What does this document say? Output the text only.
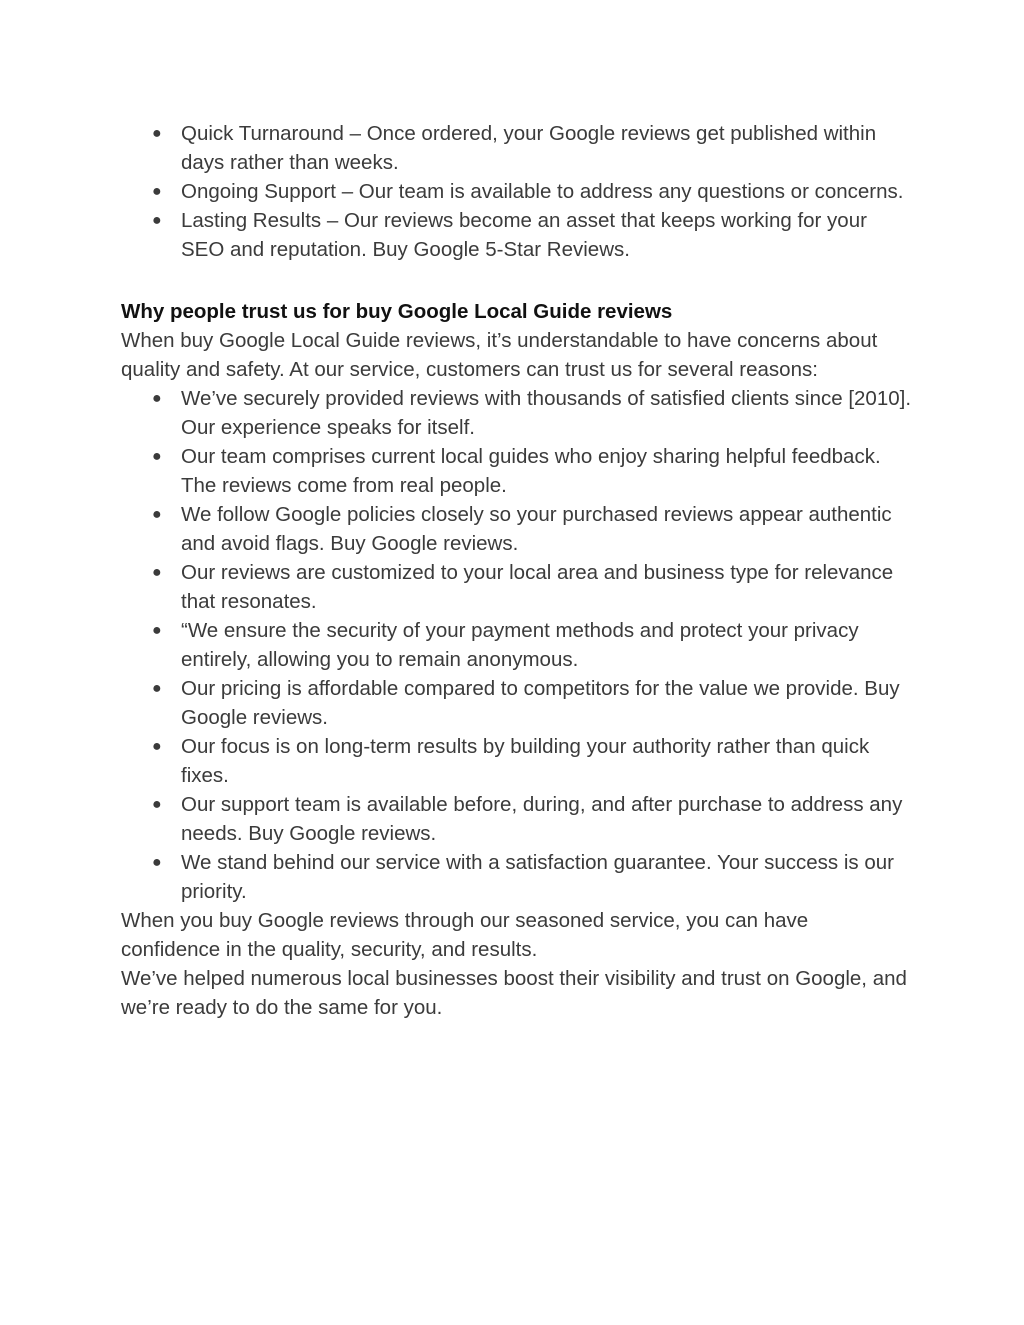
● Quick Turnaround – Once ordered, your Google reviews get published within days rather than weeks.
● Ongoing Support – Our team is available to address any questions or concerns.
● Lasting Results – Our reviews become an asset that keeps working for your SEO and reputation. Buy Google 5-Star Reviews.
Why people trust us for buy Google Local Guide reviews

When buy Google Local Guide reviews, it’s understandable to have concerns about quality and safety. At our service, customers can trust us for several reasons:

● We’ve securely provided reviews with thousands of satisfied clients since [2010]. Our experience speaks for itself.
● Our team comprises current local guides who enjoy sharing helpful feedback. The reviews come from real people.
● We follow Google policies closely so your purchased reviews appear authentic and avoid flags. Buy Google reviews.
● Our reviews are customized to your local area and business type for relevance that resonates.
● “We ensure the security of your payment methods and protect your privacy entirely, allowing you to remain anonymous.
● Our pricing is affordable compared to competitors for the value we provide. Buy Google reviews.
● Our focus is on long-term results by building your authority rather than quick fixes.
● Our support team is available before, during, and after purchase to address any needs. Buy Google reviews.
● We stand behind our service with a satisfaction guarantee. Your success is our priority.

When you buy Google reviews through our seasoned service, you can have confidence in the quality, security, and results.

We’ve helped numerous local businesses boost their visibility and trust on Google, and we’re ready to do the same for you.
